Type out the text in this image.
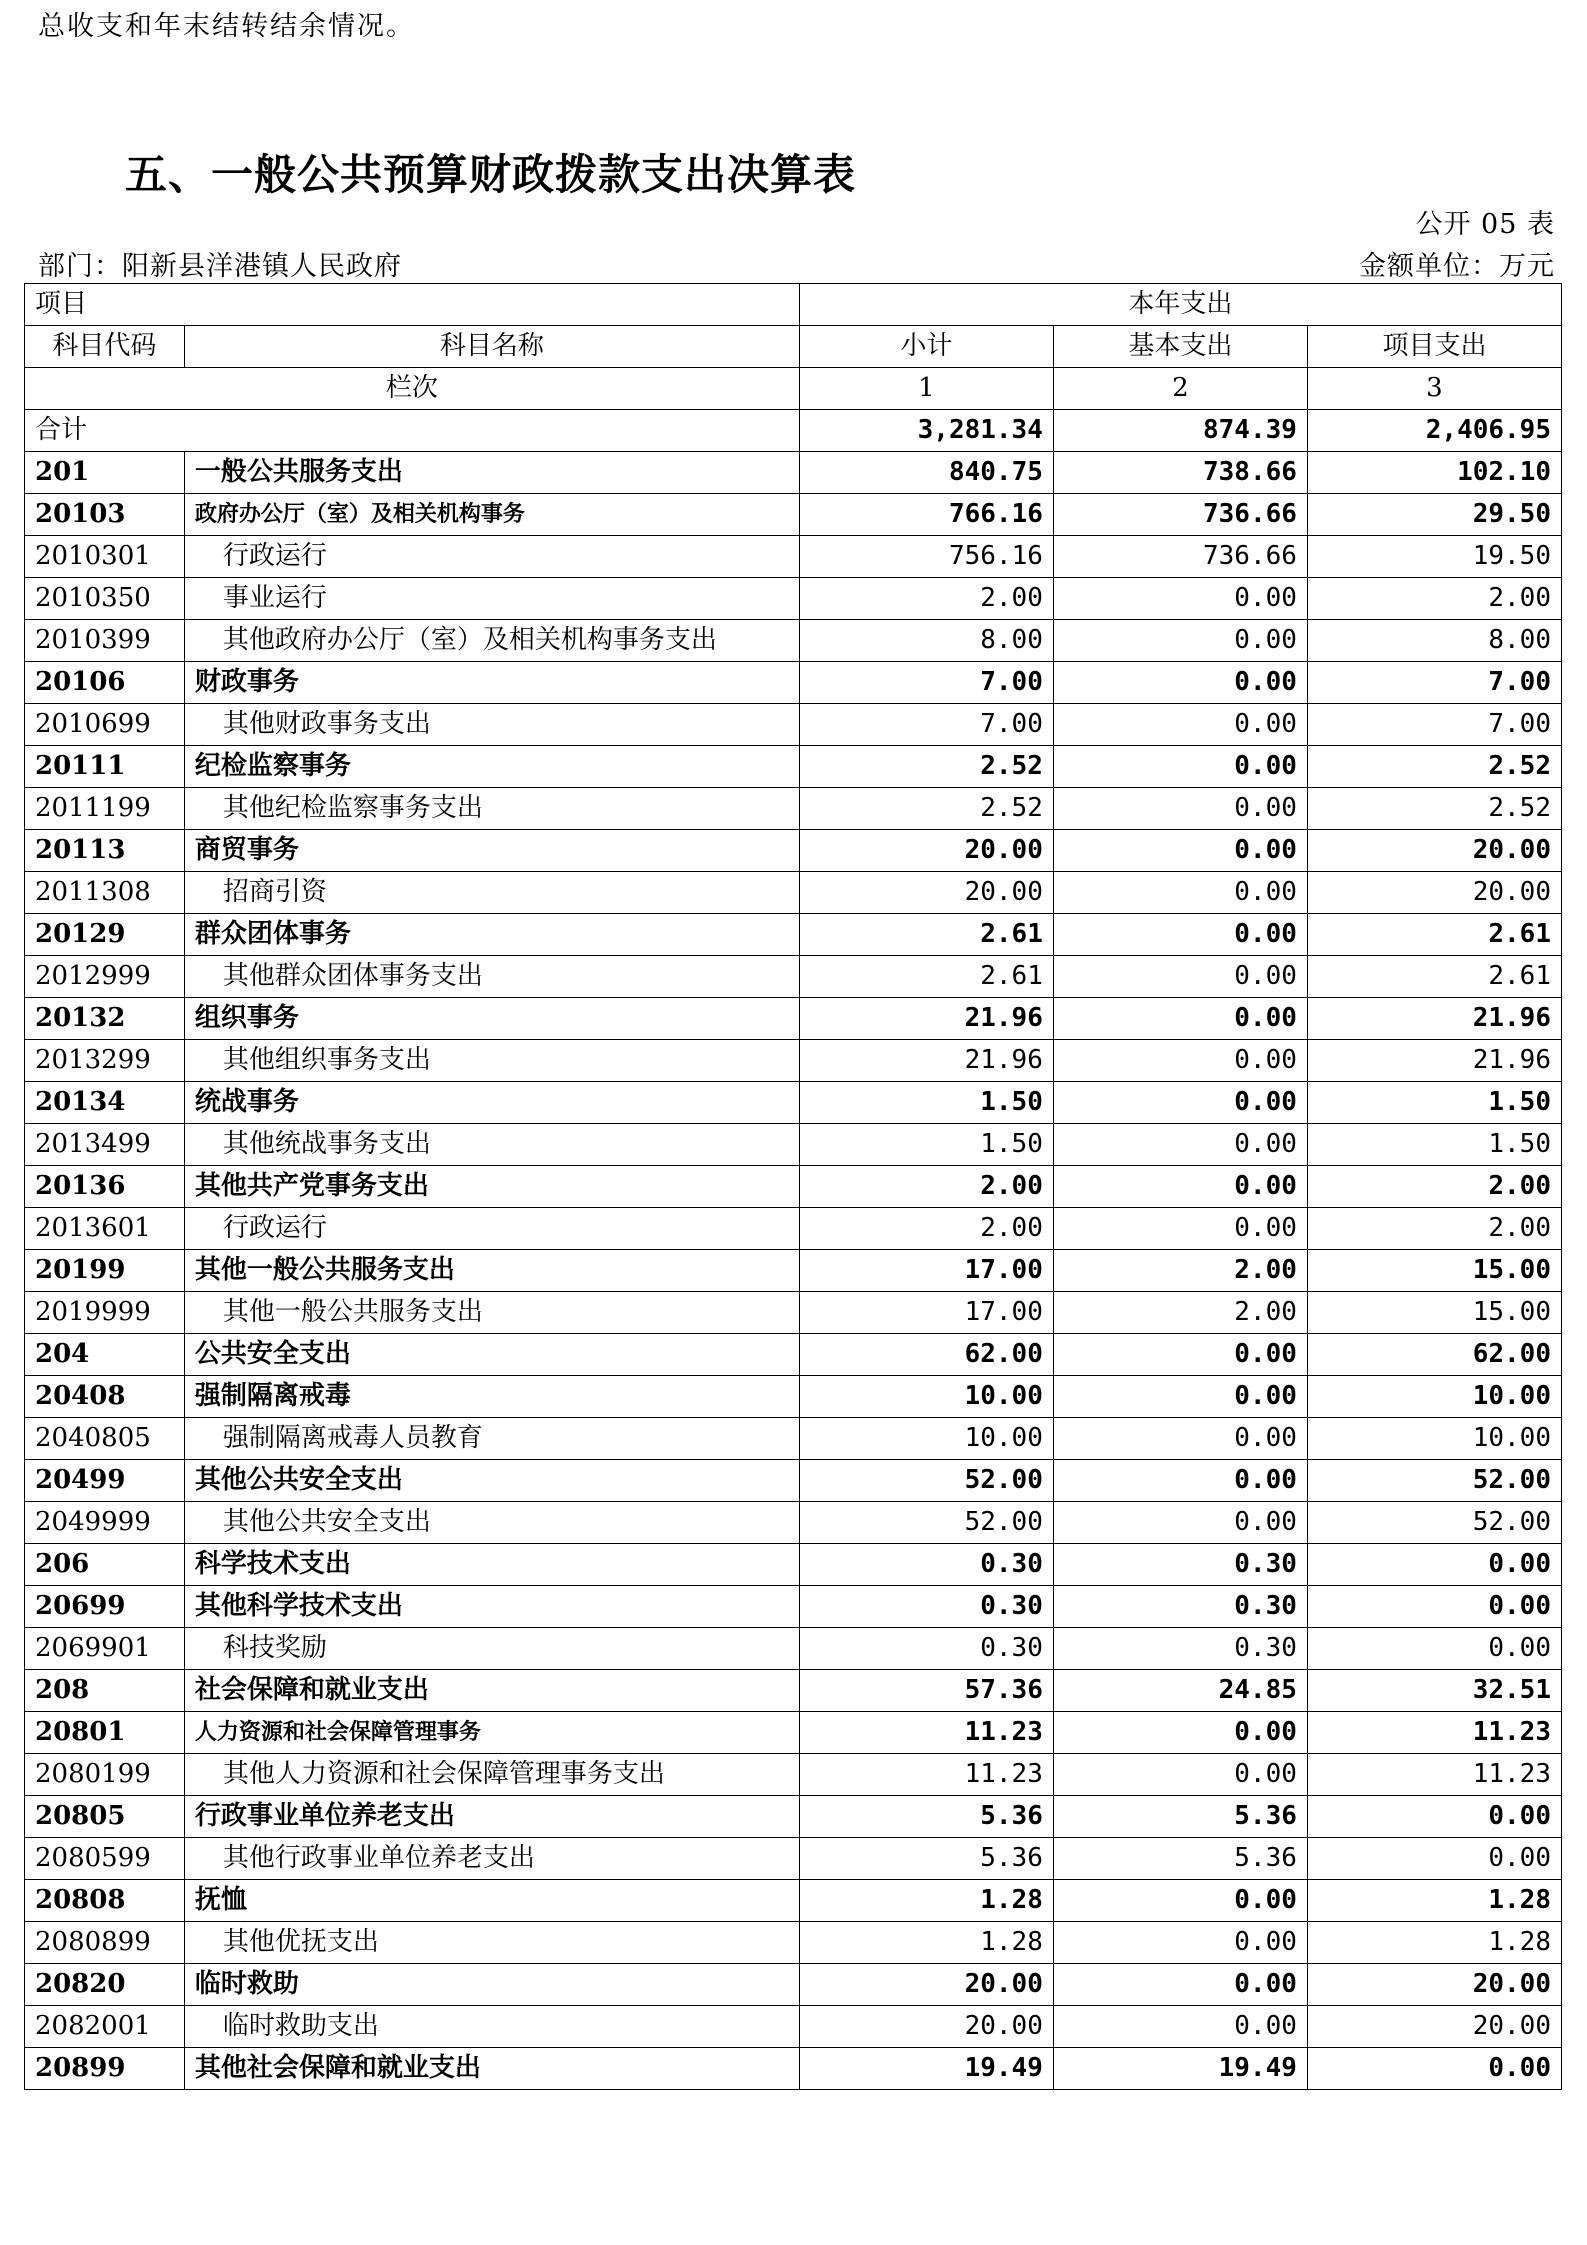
总收支和年末结转结余情况。
五、一般公共预算财政拨款支出决算表
公开 05 表
部门：阳新县洋港镇人民政府	金额单位：万元
项目		本年支出		
科目代码	科目名称	小计	基本支出	项目支出
栏次		1	2	3
合计		3,281.34	874.39	2,406.95
201	一般公共服务支出	840.75	738.66	102.10
20103	政府办公厅（室）及相关机构事务	766.16	736.66	29.50
2010301	行政运行	756.16	736.66	19.50
2010350	事业运行	2.00	0.00	2.00
2010399	其他政府办公厅（室）及相关机构事务支出	8.00	0.00	8.00
20106	财政事务	7.00	0.00	7.00
2010699	其他财政事务支出	7.00	0.00	7.00
20111	纪检监察事务	2.52	0.00	2.52
2011199	其他纪检监察事务支出	2.52	0.00	2.52
20113	商贸事务	20.00	0.00	20.00
2011308	招商引资	20.00	0.00	20.00
20129	群众团体事务	2.61	0.00	2.61
2012999	其他群众团体事务支出	2.61	0.00	2.61
20132	组织事务	21.96	0.00	21.96
2013299	其他组织事务支出	21.96	0.00	21.96
20134	统战事务	1.50	0.00	1.50
2013499	其他统战事务支出	1.50	0.00	1.50
20136	其他共产党事务支出	2.00	0.00	2.00
2013601	行政运行	2.00	0.00	2.00
20199	其他一般公共服务支出	17.00	2.00	15.00
2019999	其他一般公共服务支出	17.00	2.00	15.00
204	公共安全支出	62.00	0.00	62.00
20408	强制隔离戒毒	10.00	0.00	10.00
2040805	强制隔离戒毒人员教育	10.00	0.00	10.00
20499	其他公共安全支出	52.00	0.00	52.00
2049999	其他公共安全支出	52.00	0.00	52.00
206	科学技术支出	0.30	0.30	0.00
20699	其他科学技术支出	0.30	0.30	0.00
2069901	科技奖励	0.30	0.30	0.00
208	社会保障和就业支出	57.36	24.85	32.51
20801	人力资源和社会保障管理事务	11.23	0.00	11.23
2080199	其他人力资源和社会保障管理事务支出	11.23	0.00	11.23
20805	行政事业单位养老支出	5.36	5.36	0.00
2080599	其他行政事业单位养老支出	5.36	5.36	0.00
20808	抚恤	1.28	0.00	1.28
2080899	其他优抚支出	1.28	0.00	1.28
20820	临时救助	20.00	0.00	20.00
2082001	临时救助支出	20.00	0.00	20.00
20899	其他社会保障和就业支出	19.49	19.49	0.00
